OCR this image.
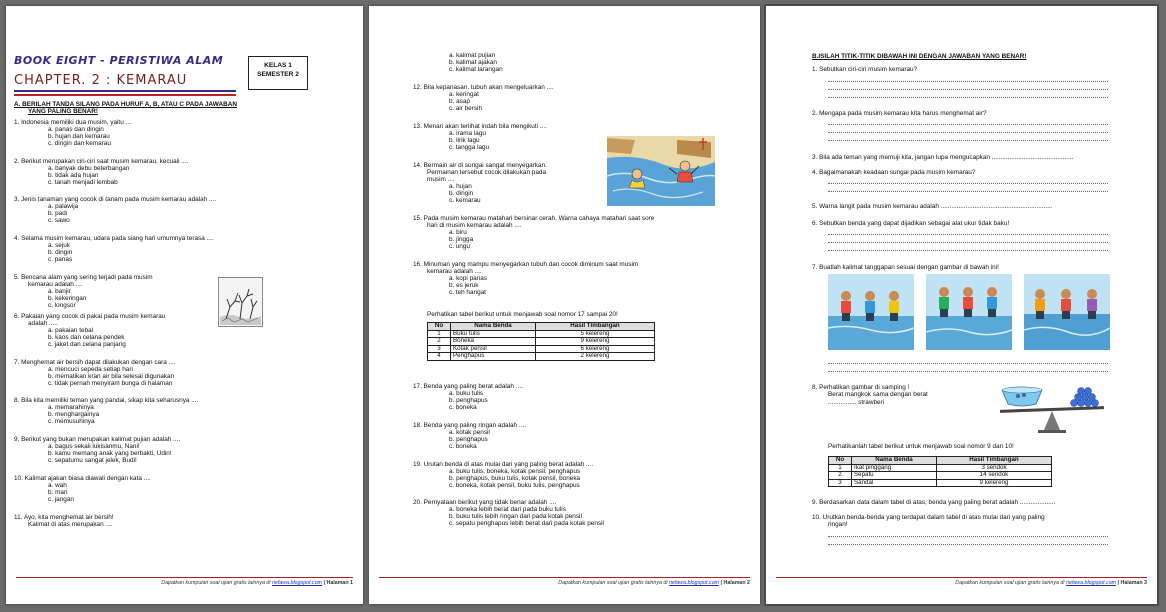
BOOK EIGHT - PERISTIWA ALAM
CHAPTER. 2 : KEMARAU
KELAS 1
SEMESTER 2
A. BERILAH TANDA SILANG PADA HURUF A, B, ATAU C PADA JAWABAN
YANG PALING BENAR!
1. Indonesia memiliki dua musim, yaitu ....
a. panas dan dingin
b. hujan dan kemarau
c. dingin dan kemarau
2. Berikut merupakan ciri-ciri saat musim kemarau, kecuali ....
a. banyak debu beterbangan
b. tidak ada hujan
c. tanah menjadi lembab
3. Jenis tanaman yang cocok di tanam pada musim kemarau adalah ....
a. palawija
b. padi
c. sawo
4. Selama musim kemarau, udara pada siang hari umumnya terasa ....
a. sejuk
b. dingin
c. panas
5. Bencana alam yang sering terjadi pada musim
kemarau adalah ....
a. banjir
b. kekeringan
c. longsor
6. Pakaian yang cocok di pakai pada musim kemarau
adalah .....
a. pakaian tebal
b. kaos dan celana pendek
c. jaket dan celana panjang
7. Menghemat air bersih dapat dilakukan dengan cara ....
a. mencuci sepeda setiap hari
b. mematikan kran air bila selesai digunakan
c. tidak pernah menyiram bunga di halaman
8. Bila kita memiliki teman yang pandai, sikap kita seharusnya ....
a. memarahinya
b. menghargainya
c. memusuhinya
9. Berikut yang bukan merupakan kalimat pujian adalah ....
a. bagus sekali lukisanmu, Nani!
b. kamu memang anak yang berbakti, Udin!
c. sepatumu sangat jelek, Budi!
10. Kalimat ajakan biasa diawali dengan kata ....
a. wah
b. mari
c. jangan
11. Ayo, kita menghemat air bersih!
Kalimat di atas merupakan ....
Dapatkan kumpulan soal ujian gratis lainnya di riefawa.blogspot.com | Halaman 1
a. kalimat pujian
b. kalimat ajakan
c. kalimat larangan
12. Bila kepanasan, tubuh akan mengeluarkan ....
a. keringat
b. asap
c. air bersih
13. Menari akan terlihat indah bila mengikuti ....
a. irama lagu
b. lirik lagu
c. tangga lagu
14. Bermain air di sungai sangat menyegarkan.
Permainan tersebut cocok dilakukan pada
musim ....
a. hujan
b. dingin
c. kemarau
15. Pada musim kemarau matahari bersinar cerah. Warna cahaya matahari saat sore
hari di musim kemarau adalah ....
a. biru
b. jingga
c. ungu
16. Minuman yang mampu menyegarkan tubuh dan cocok diminum saat musim
kemarau adalah ....
a. kopi panas
b. es jeruk
c. teh hangat
Perhatikan tabel berikut untuk menjawab soal nomor 17 sampai 20!
No	Nama Benda	Hasil Timbangan
1	Buku tulis	5 kelereng
2	Boneka	9 kelereng
3	Kotak pensil	6 kelereng
4	Penghapus	2 kelereng
17. Benda yang paling berat adalah ....
a. buku tulis
b. penghapus
c. boneka
18. Benda yang paling ringan adalah ....
a. kotak pensil
b. penghapus
c. boneka
19. Urutan benda di atas mulai dari yang paling berat adalah ....
a. buku tulis, boneka, kotak pensil, penghapus
b. penghapus, buku tulis, kotak pensil, boneka
c. boneka, kotak pensil, buku tulis, penghapus
20. Pernyataan berikut yang tidak benar adalah ....
a. boneka lebih berat dari pada buku tulis
b. buku tulis lebih ringan dari pada kotak pensil
c. sepatu penghapus lebih berat dari pada kotak pensil
Dapatkan kumpulan soal ujian gratis lainnya di riefawa.blogspot.com | Halaman 2
B.ISILAH TITIK-TITIK DIBAWAH INI DENGAN JAWABAN YANG BENAR!
1. Sebutkan ciri-ciri musim kemarau?
2. Mengapa pada musim kemarau kita harus menghemat air?
3. Bila ada teman yang memuji kita, jangan lupa mengucapkan ..............................................
4. Bagaimanakah keadaan sungai pada musim kemarau?
5. Warna langit pada musim kemarau adalah ...............................................................
6. Sebutkan benda yang dapat dijadikan sebagai alat ukur tidak baku!
7. Buatlah kalimat tanggapan sesuai dengan gambar di bawah ini!
8. Perhatikan gambar di samping !
Berat mangkok sama dengan berat
................ strawberi
Perhatikanlah tabel berikut untuk menjawab soal nomor 9 dan 10!
No	Nama Benda	Hasil Timbangan
1	Ikat pinggang	3 sendok
2	Sepatu	14 sendok
3	Sandal	9 kelereng
9. Berdasarkan data dalam tabel di atas, benda yang paling berat adalah ....................
10. Urutkan benda-benda yang terdapat dalam tabel di atas mulai dari yang paling
ringan!
Dapatkan kumpulan soal ujian gratis lainnya di riefawa.blogspot.com | Halaman 3
